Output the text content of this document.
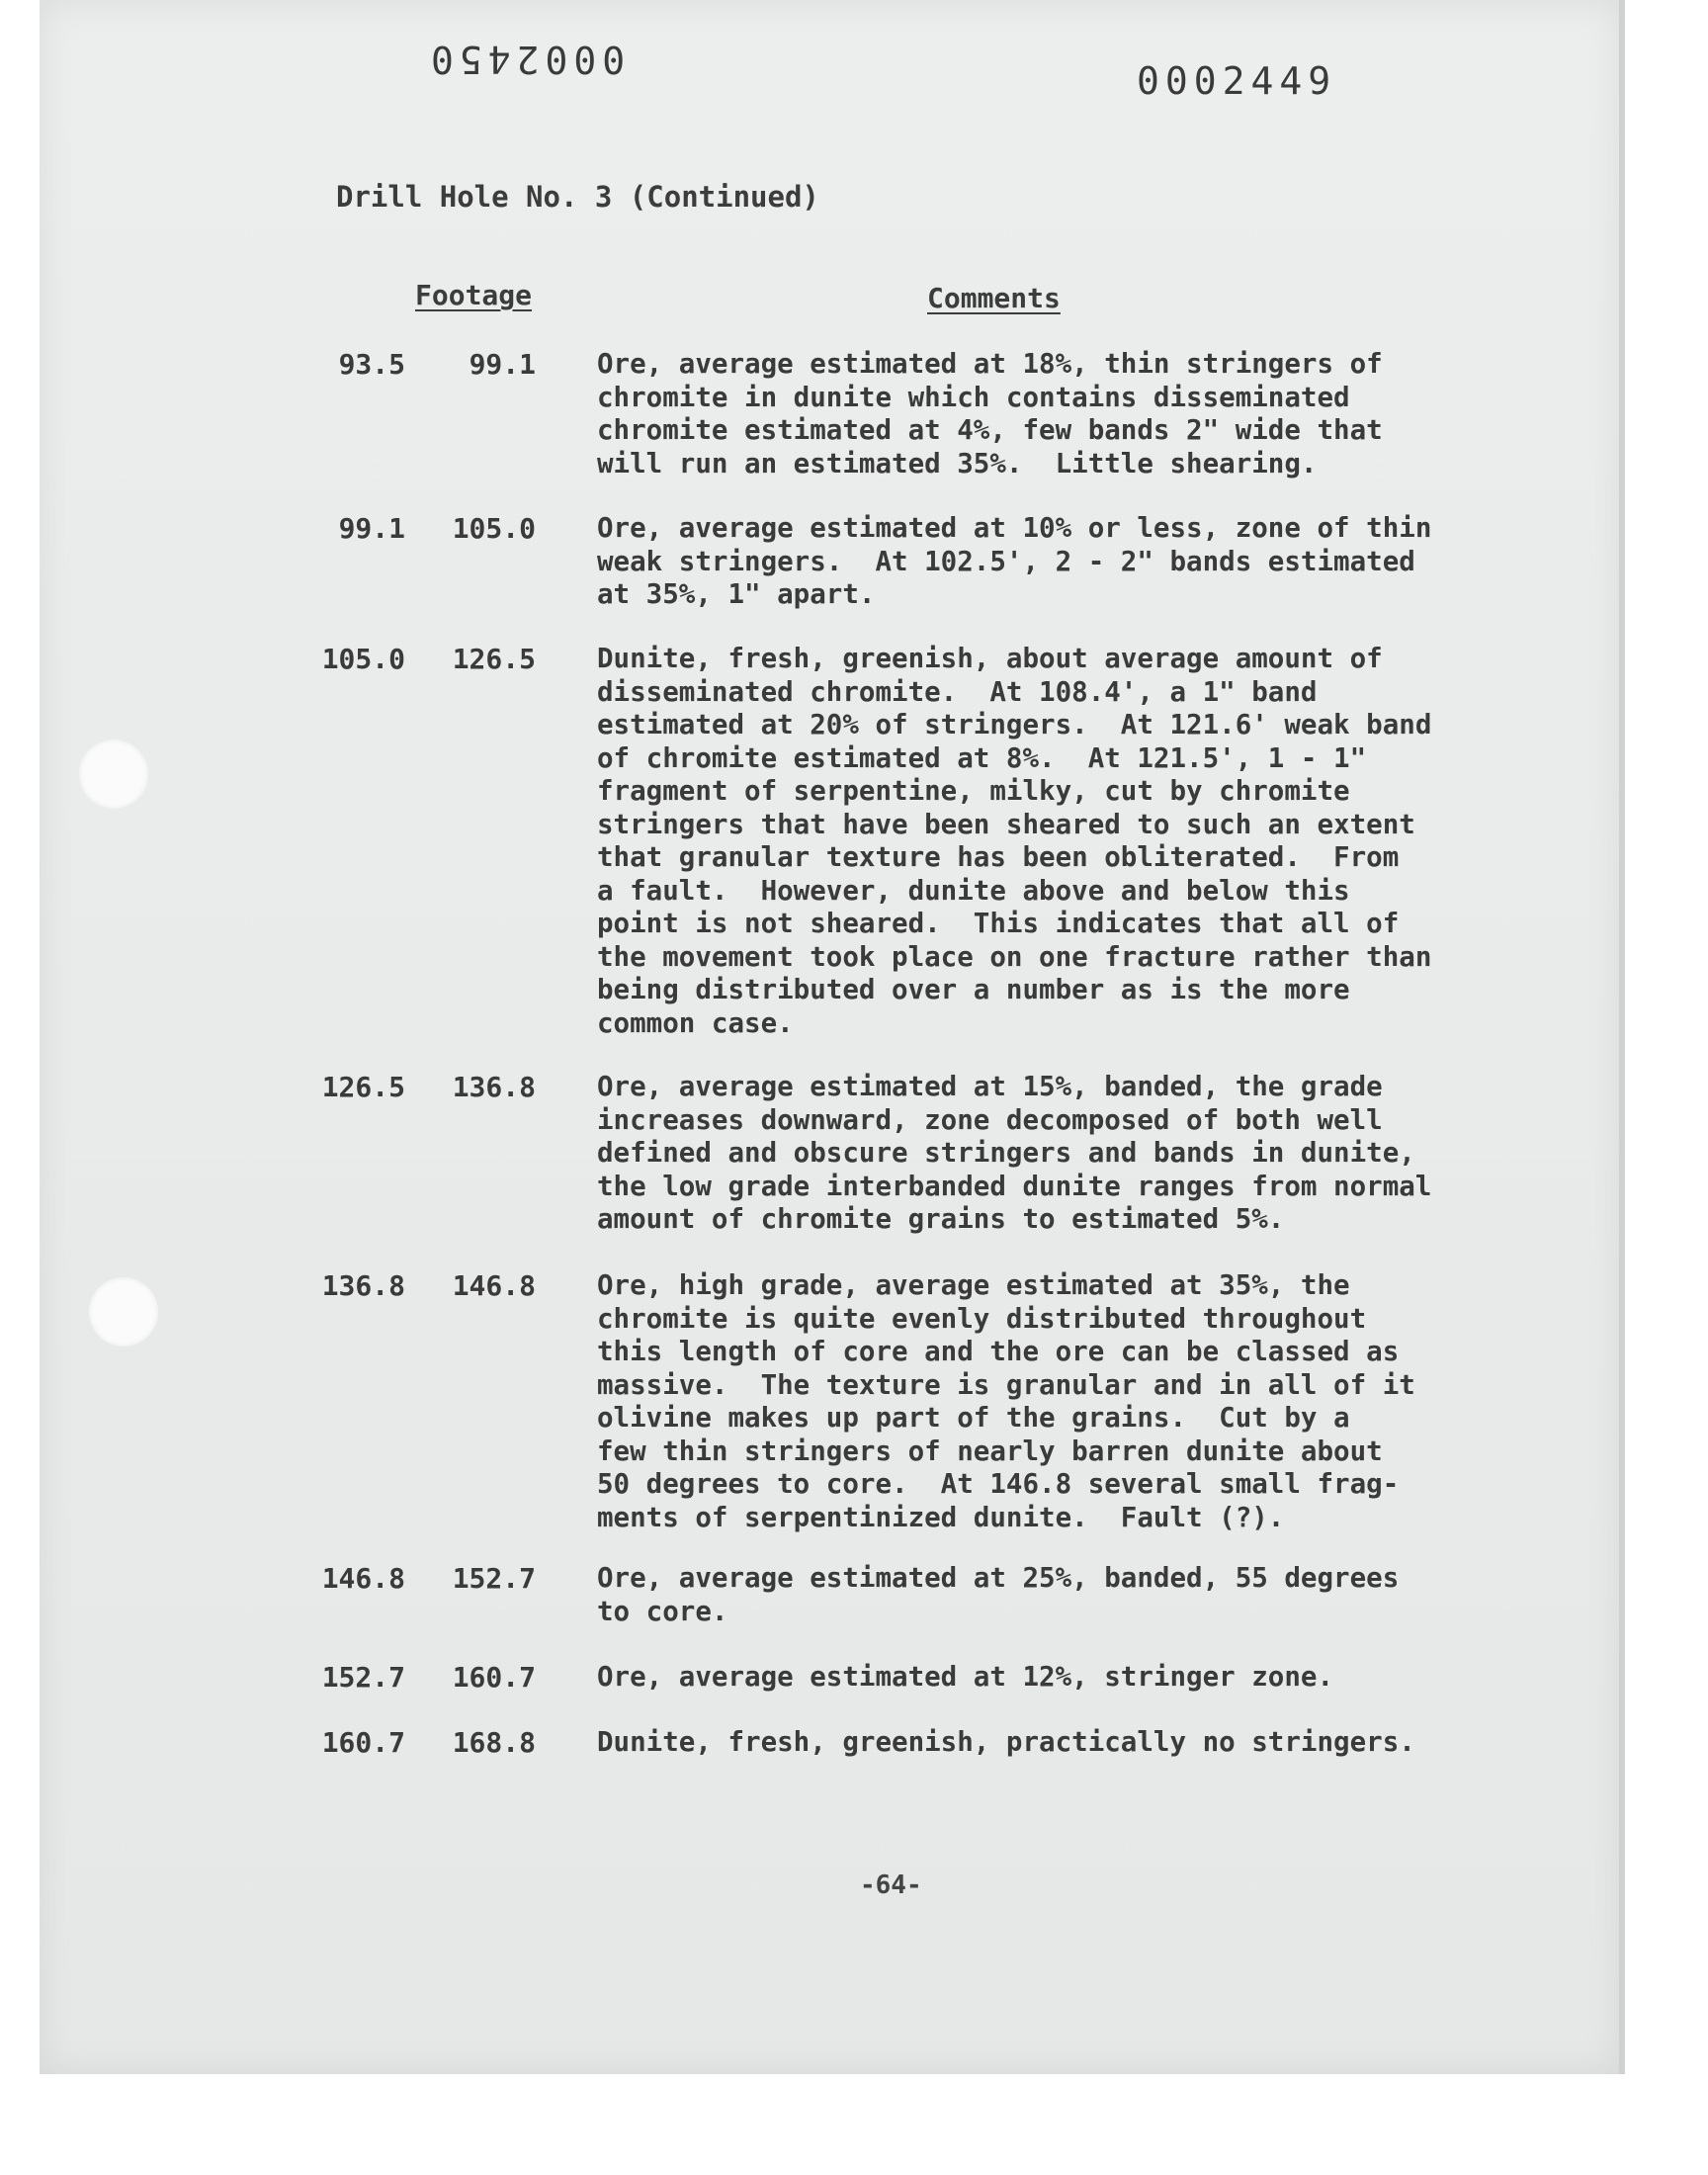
0002450	0002449
Drill Hole No. 3 (Continued)
Footage	Comments
93.5	99.1 Ore, average estimated at 18%, thin stringers of
chromite in dunite which contains disseminated
chromite estimated at 4%, few bands 2" wide that
will run an estimated 35%.  Little shearing.
99.1	105.0 Ore, average estimated at 10% or less, zone of thin
weak stringers.  At 102.5', 2 - 2" bands estimated
at 35%, 1" apart.
105.0	126.5 Dunite, fresh, greenish, about average amount of
disseminated chromite.  At 108.4', a 1" band
estimated at 20% of stringers.  At 121.6' weak band
of chromite estimated at 8%.  At 121.5', 1 - 1"
fragment of serpentine, milky, cut by chromite
stringers that have been sheared to such an extent
that granular texture has been obliterated.  From
a fault.  However, dunite above and below this
point is not sheared.  This indicates that all of
the movement took place on one fracture rather than
being distributed over a number as is the more
common case.
126.5	136.8 Ore, average estimated at 15%, banded, the grade
increases downward, zone decomposed of both well
defined and obscure stringers and bands in dunite,
the low grade interbanded dunite ranges from normal
amount of chromite grains to estimated 5%.
136.8	146.8 Ore, high grade, average estimated at 35%, the
chromite is quite evenly distributed throughout
this length of core and the ore can be classed as
massive.  The texture is granular and in all of it
olivine makes up part of the grains.  Cut by a
few thin stringers of nearly barren dunite about
50 degrees to core.  At 146.8 several small frag-
ments of serpentinized dunite.  Fault (?).
146.8	152.7 Ore, average estimated at 25%, banded, 55 degrees
to core.
152.7	160.7 Ore, average estimated at 12%, stringer zone.
160.7	168.8 Dunite, fresh, greenish, practically no stringers.
-64-
